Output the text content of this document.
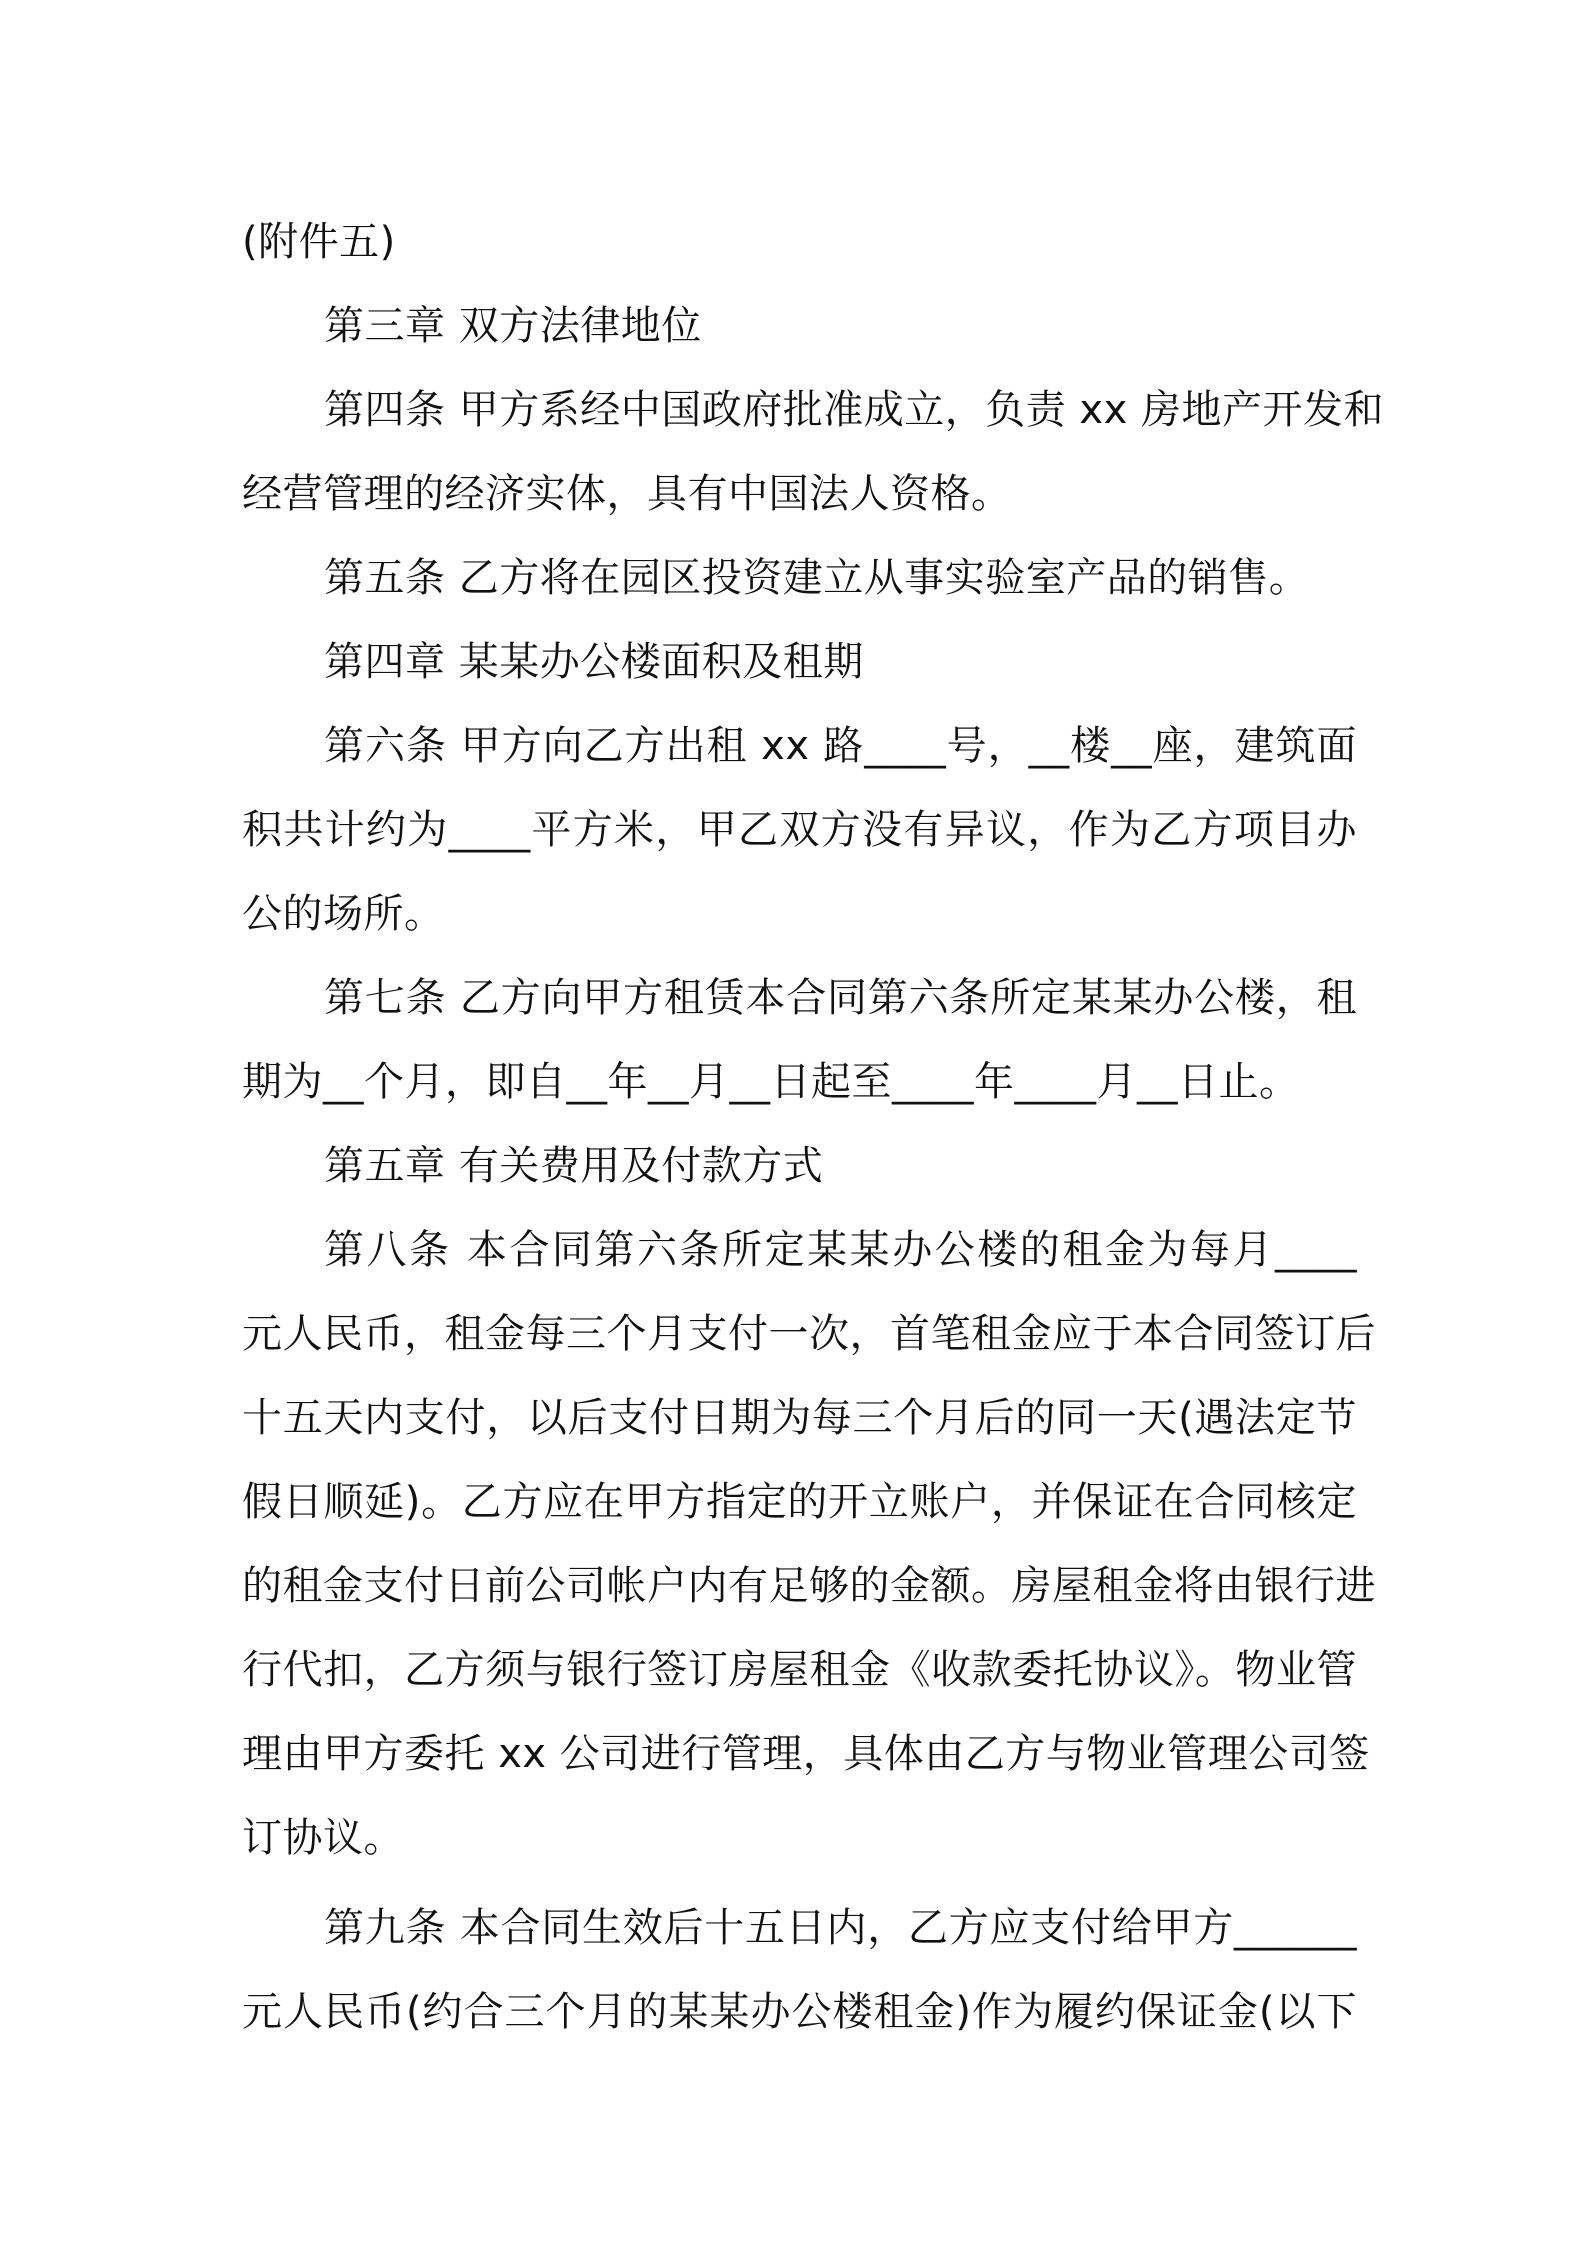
(附件五)
第三章 双方法律地位
第四条 甲方系经中国政府批准成立，负责 xx 房地产开发和
经营管理的经济实体，具有中国法人资格。
第五条 乙方将在园区投资建立从事实验室产品的销售。
第四章 某某办公楼面积及租期
第六条 甲方向乙方出租 xx 路____号，__楼__座，建筑面
积共计约为____平方米，甲乙双方没有异议，作为乙方项目办
公的场所。
第七条 乙方向甲方租赁本合同第六条所定某某办公楼，租
期为__个月，即自__年__月__日起至____年____月__日止。
第五章 有关费用及付款方式
第八条 本合同第六条所定某某办公楼的租金为每月____
元人民币，租金每三个月支付一次，首笔租金应于本合同签订后
十五天内支付，以后支付日期为每三个月后的同一天(遇法定节
假日顺延)。乙方应在甲方指定的开立账户，并保证在合同核定
的租金支付日前公司帐户内有足够的金额。房屋租金将由银行进
行代扣，乙方须与银行签订房屋租金《收款委托协议》。物业管
理由甲方委托 xx 公司进行管理，具体由乙方与物业管理公司签
订协议。
第九条 本合同生效后十五日内，乙方应支付给甲方______
元人民币(约合三个月的某某办公楼租金)作为履约保证金(以下
